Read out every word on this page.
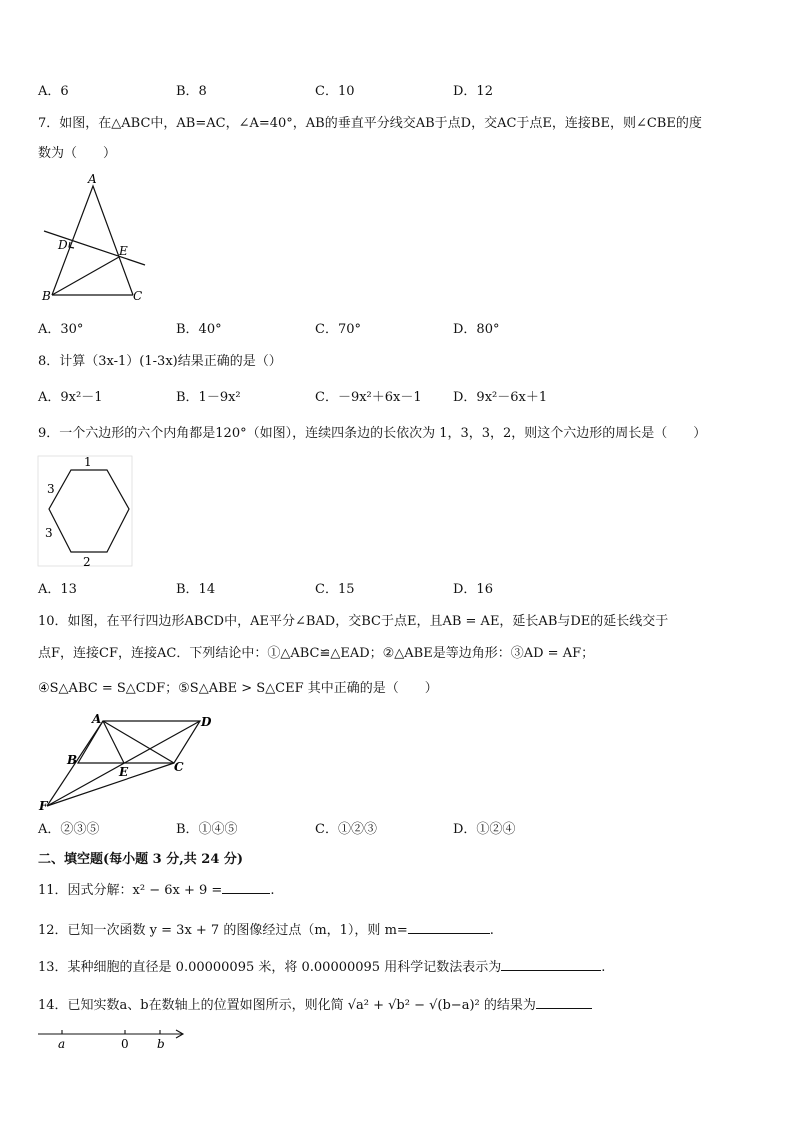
A．6	B．8	C．10	D．12
7．如图，在△ABC中，AB=AC，∠A=40°，AB的垂直平分线交AB于点D，交AC于点E，连接BE，则∠CBE的度
数为（　　）
A
D	E
B	C
A．30°	B．40°	C．70°	D．80°
8．计算（3x-1）(1-3x)结果正确的是（）
A．9x²－1	B．1－9x²	C．－9x²＋6x－1 D．9x²－6x＋1
9．一个六边形的六个内角都是120°（如图），连续四条边的长依次为 1，3，3，2，则这个六边形的周长是（　　）
1
3
3
2
A．13	B．14	C．15	D．16
10．如图，在平行四边形ABCD中，AE平分∠BAD，交BC于点E，且AB = AE，延长AB与DE的延长线交于
点F，连接CF，连接AC．下列结论中：①△ABC≌△EAD；②△ABE是等边角形：③AD = AF；
④S△ABC = S△CDF；⑤S△ABE > S△CEF 其中正确的是（　　）
A	D
B
E	C
F
A．②③⑤	B．①④⑤	C．①②③	D．①②④
二、填空题(每小题 3 分,共 24 分)
11．因式分解：x² − 6x + 9 =	.
12．已知一次函数 y = 3x + 7 的图像经过点（m，1），则 m=	.
13．某种细胞的直径是 0.00000095 米，将 0.00000095 用科学记数法表示为	.
14．已知实数a、b在数轴上的位置如图所示，则化简 √a² + √b² − √(b−a)² 的结果为
a	0 b
